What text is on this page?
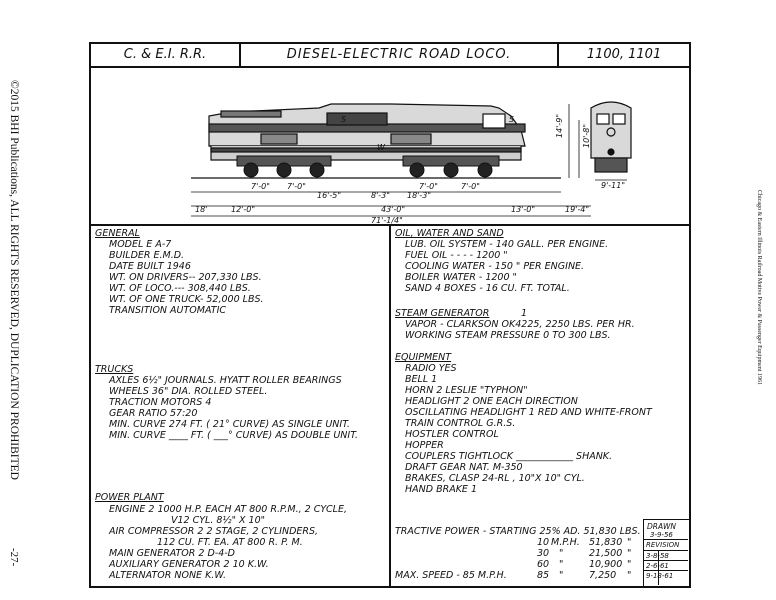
©2015 BHI Publications, ALL RIGHTS RESERVED, DUPLICATION PROHIBITED
-27-
Chicago & Eastern Illinois Railroad Motive Power & Passenger Equipment 1961
C. & E.I. R.R.	DIESEL-ELECTRIC ROAD LOCO.	1100, 1101
7'-0" 7'-0"
16'-5"	8'-3" 18'-3"
7'-0"	7'-0"
43'-0"	13'-0"
12'-0"	19'-4"
18'
71'-1/4"
14'-9" 10'-8"
9'-11"
S
W
S
GENERAL
MODEL E A-7
BUILDER E.M.D.
DATE BUILT 1946
WT. ON DRIVERS-- 207,330 LBS.
WT. OF LOCO.--- 308,440 LBS.
WT. OF ONE TRUCK- 52,000 LBS.
TRANSITION AUTOMATIC
TRUCKS
AXLES 6½" JOURNALS. HYATT ROLLER BEARINGS
WHEELS 36" DIA. ROLLED STEEL.
TRACTION MOTORS 4
GEAR RATIO 57:20
MIN. CURVE 274 FT. ( 21° CURVE) AS SINGLE UNIT.
MIN. CURVE ____ FT. ( ___° CURVE) AS DOUBLE UNIT.
POWER PLANT
ENGINE 2 1000 H.P. EACH AT 800 R.P.M., 2 CYCLE,
V12 CYL. 8½" X 10"
AIR COMPRESSOR 2 2 STAGE, 2 CYLINDERS,
112 CU. FT. EA. AT 800 R. P. M.
MAIN GENERATOR 2 D-4-D
AUXILIARY GENERATOR 2 10 K.W.
ALTERNATOR NONE K.W.
OIL, WATER AND SAND
LUB. OIL SYSTEM - 140 GALL. PER ENGINE.
FUEL OIL - - - - 1200 "
COOLING WATER - 150 " PER ENGINE.
BOILER WATER - 1200 "
SAND 4 BOXES - 16 CU. FT. TOTAL.
STEAM GENERATOR	1
VAPOR - CLARKSON OK4225, 2250 LBS. PER HR.
WORKING STEAM PRESSURE 0 TO 300 LBS.
EQUIPMENT
RADIO YES
BELL 1
HORN 2 LESLIE "TYPHON"
HEADLIGHT 2 ONE EACH DIRECTION
OSCILLATING HEADLIGHT 1 RED AND WHITE-FRONT
TRAIN CONTROL G.R.S.
HOSTLER CONTROL
HOPPER
COUPLERS TIGHTLOCK ____________ SHANK.
DRAFT GEAR NAT. M-350
BRAKES, CLASP 24-RL , 10"X 10" CYL.
HAND BRAKE 1
TRACTIVE POWER - STARTING 25% AD. 51,830 LBS.
10 M.P.H. 51,830 "
30 "	21,500 "
60 "	10,900 "
MAX. SPEED - 85 M.P.H.	85 "	7,250 "
DRAWN
3-9-56
REVISION
3-8-58
2-6-61
9-18-61
